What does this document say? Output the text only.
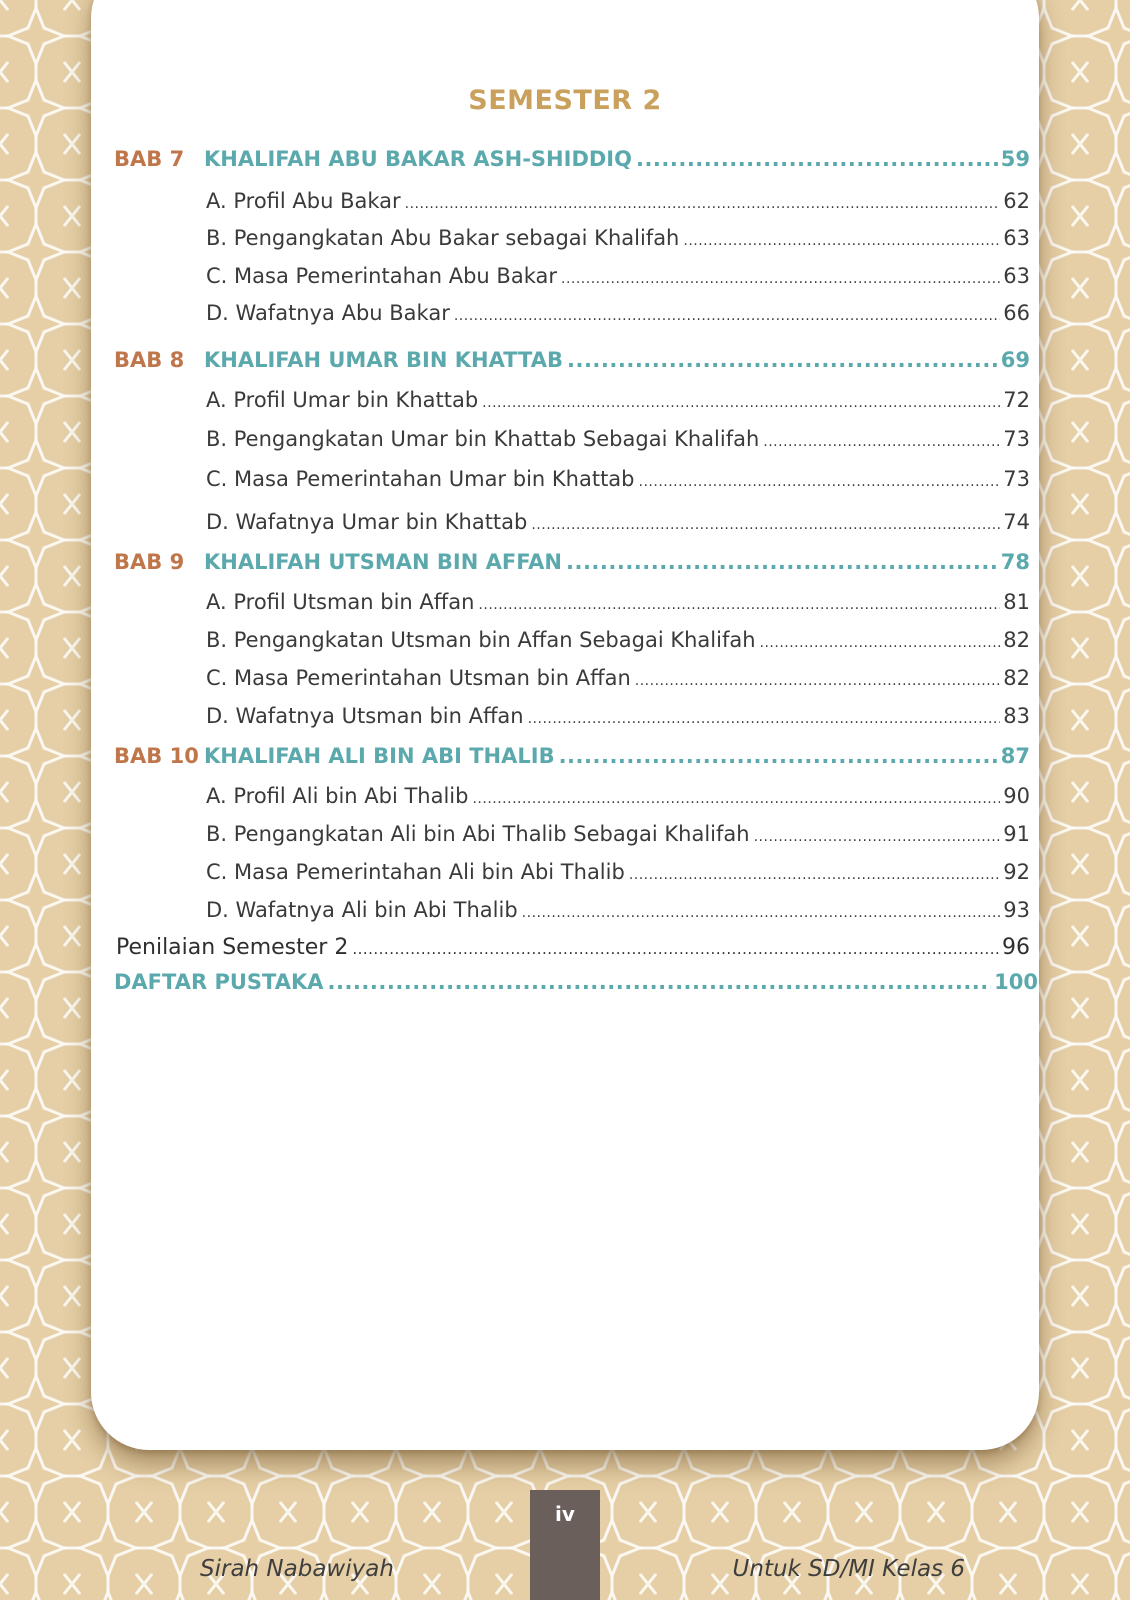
SEMESTER 2
BAB 7 KHALIFAH ABU BAKAR ASH-SHIDDIQ .....	59
A. Profil Abu Bakar .....	62
B. Pengangkatan Abu Bakar sebagai Khalifah .....	63
C. Masa Pemerintahan Abu Bakar .....	63
D. Wafatnya Abu Bakar .....	66
BAB 8 KHALIFAH UMAR BIN KHATTAB .....	69
A. Profil Umar bin Khattab .....	72
B. Pengangkatan Umar bin Khattab Sebagai Khalifah .....	73
C. Masa Pemerintahan Umar bin Khattab .....	73
D. Wafatnya Umar bin Khattab .....	74
BAB 9 KHALIFAH UTSMAN BIN AFFAN .....	78
A. Profil Utsman bin Affan .....	81
B. Pengangkatan Utsman bin Affan Sebagai Khalifah .....	82
C. Masa Pemerintahan Utsman bin Affan .....	82
D. Wafatnya Utsman bin Affan .....	83
BAB 10 KHALIFAH ALI BIN ABI THALIB .....	87
A. Profil Ali bin Abi Thalib .....	90
B. Pengangkatan Ali bin Abi Thalib Sebagai Khalifah .....	91
C. Masa Pemerintahan Ali bin Abi Thalib .....	92
D. Wafatnya Ali bin Abi Thalib .....	93
Penilaian Semester 2 .....	96
DAFTAR PUSTAKA .....	100
iv
Sirah Nabawiyah	Untuk SD/MI Kelas 6
